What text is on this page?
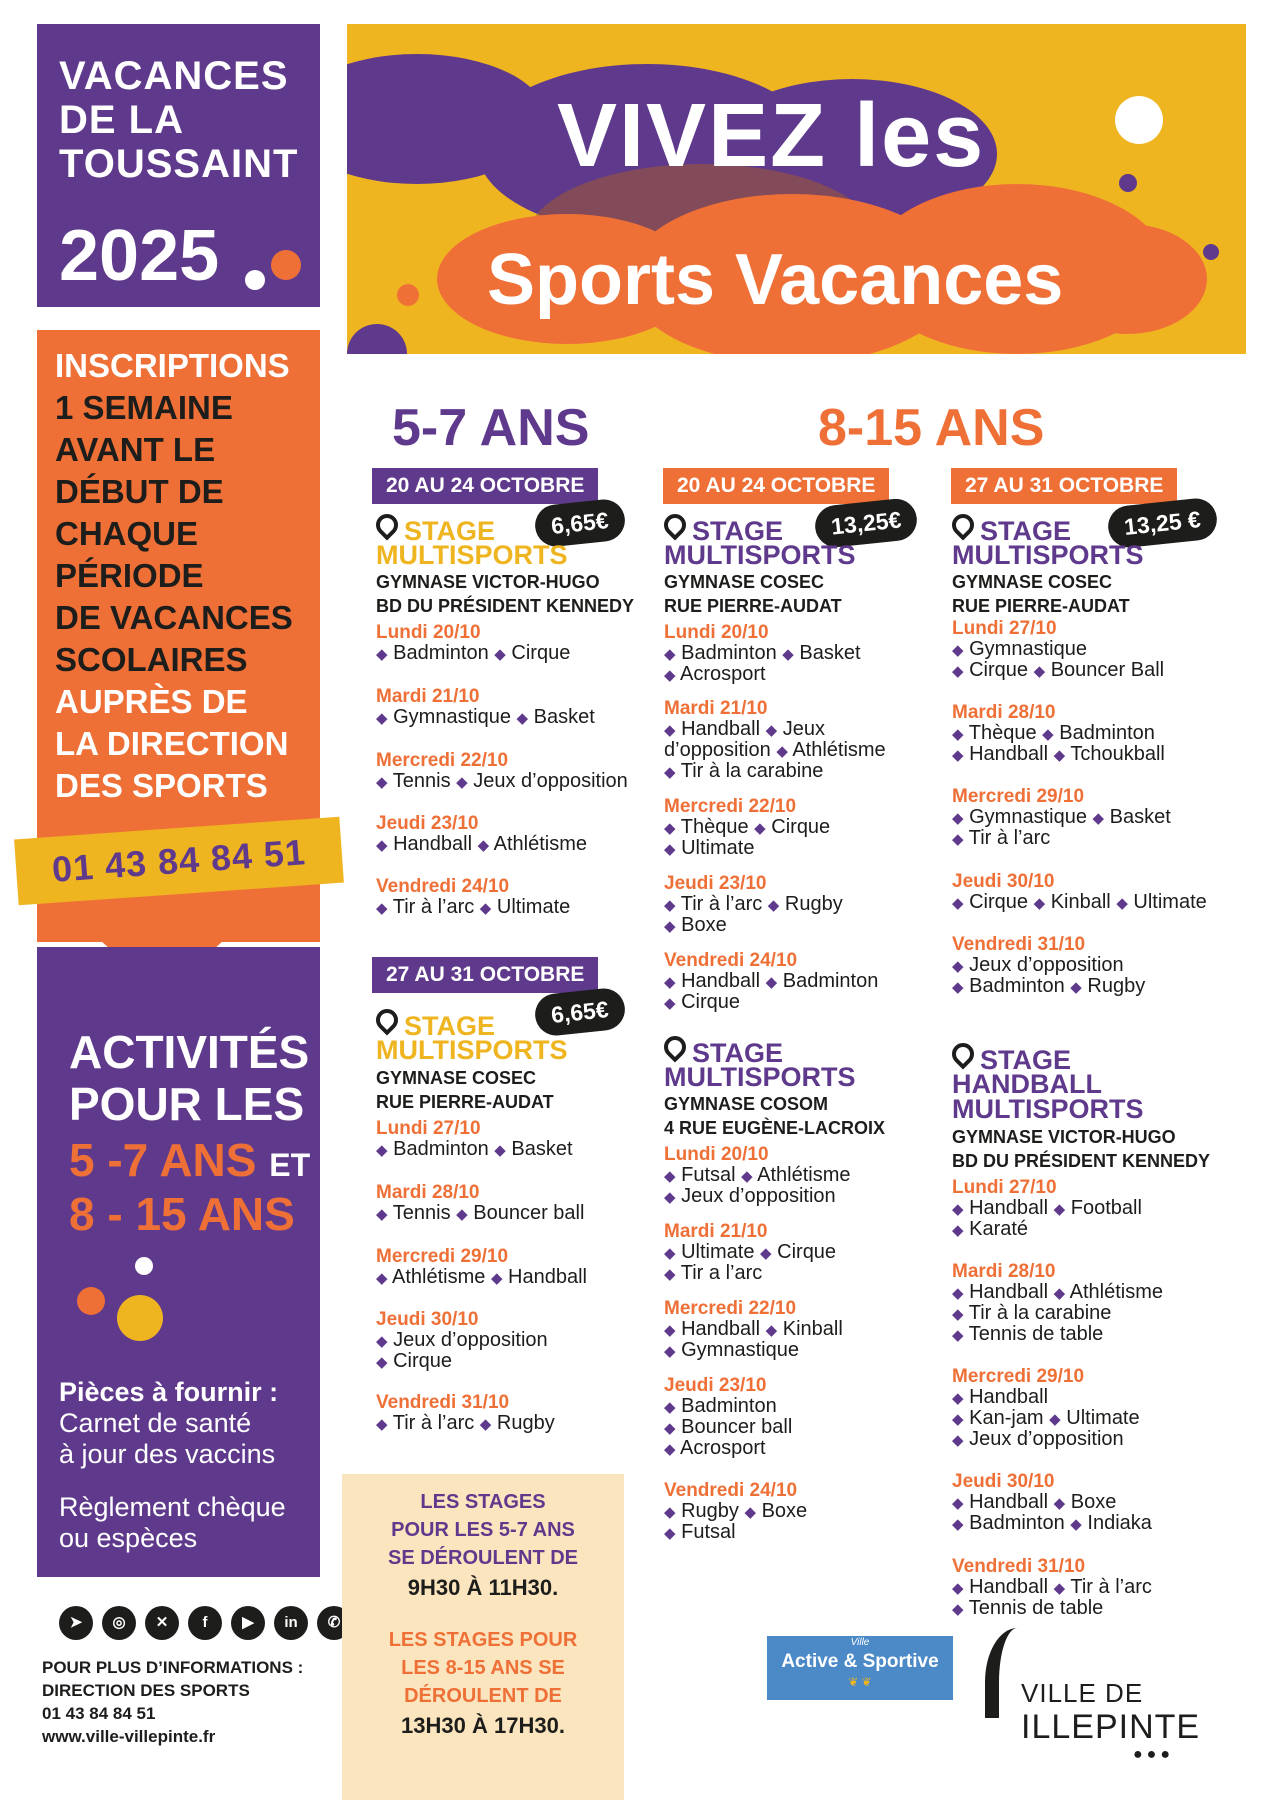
VACANCES
DE LA
TOUSSAINT
2025
INSCRIPTIONS
1 SEMAINE
AVANT LE
DÉBUT DE
CHAQUE
PÉRIODE
DE VACANCES
SCOLAIRES
AUPRÈS DE
LA DIRECTION
DES SPORTS
01 43 84 84 51
ACTIVITÉS
POUR LES
5 -7 ANS ET
8 - 15 ANS
Pièces à fournir :
Carnet de santé
à jour des vaccins
Règlement chèque
ou espèces
➤	◎	✕	f	▶	in	✆
POUR PLUS D’INFORMATIONS :
DIRECTION DES SPORTS
01 43 84 84 51
www.ville-villepinte.fr
VIVEZ les
Sports Vacances
5-7 ANS	8-15 ANS
20 AU 24 OCTOBRE
6,65€
STAGE
MULTISPORTS
GYMNASE VICTOR-HUGO
BD DU PRÉSIDENT KENNEDY
Lundi 20/10
◆ Badminton ◆ Cirque
Mardi 21/10
◆ Gymnastique ◆ Basket
Mercredi 22/10
◆ Tennis ◆ Jeux d’opposition
Jeudi 23/10
◆ Handball ◆ Athlétisme
Vendredi 24/10
◆ Tir à l’arc ◆ Ultimate
27 AU 31 OCTOBRE
6,65€
STAGE
MULTISPORTS
GYMNASE COSEC
RUE PIERRE-AUDAT
Lundi 27/10
◆ Badminton ◆ Basket
Mardi 28/10
◆ Tennis ◆ Bouncer ball
Mercredi 29/10
◆ Athlétisme ◆ Handball
Jeudi 30/10
◆ Jeux d’opposition
◆ Cirque
Vendredi 31/10
◆ Tir à l’arc ◆ Rugby
LES STAGES
POUR LES 5-7 ANS
SE DÉROULENT DE
9H30 À 11H30.
LES STAGES POUR
LES 8-15 ANS SE
DÉROULENT DE
13H30 À 17H30.
20 AU 24 OCTOBRE
13,25€
STAGE
MULTISPORTS
GYMNASE COSEC
RUE PIERRE-AUDAT
Lundi 20/10
◆ Badminton ◆ Basket
◆ Acrosport
Mardi 21/10
◆ Handball ◆ Jeux
d’opposition ◆ Athlétisme
◆ Tir à la carabine
Mercredi 22/10
◆ Thèque ◆ Cirque
◆ Ultimate
Jeudi 23/10
◆ Tir à l’arc ◆ Rugby
◆ Boxe
Vendredi 24/10
◆ Handball ◆ Badminton
◆ Cirque
STAGE
MULTISPORTS
GYMNASE COSOM
4 RUE EUGÈNE-LACROIX
Lundi 20/10
◆ Futsal ◆ Athlétisme
◆ Jeux d’opposition
Mardi 21/10
◆ Ultimate ◆ Cirque
◆ Tir a l’arc
Mercredi 22/10
◆ Handball ◆ Kinball
◆ Gymnastique
Jeudi 23/10
◆ Badminton
◆ Bouncer ball
◆ Acrosport
Vendredi 24/10
◆ Rugby ◆ Boxe
◆ Futsal
27 AU 31 OCTOBRE
13,25 €
STAGE
MULTISPORTS
GYMNASE COSEC
RUE PIERRE-AUDAT
Lundi 27/10
◆ Gymnastique
◆ Cirque ◆ Bouncer Ball
Mardi 28/10
◆ Thèque ◆ Badminton
◆ Handball ◆ Tchoukball
Mercredi 29/10
◆ Gymnastique ◆ Basket
◆ Tir à l’arc
Jeudi 30/10
◆ Cirque ◆ Kinball ◆ Ultimate
Vendredi 31/10
◆ Jeux d’opposition
◆ Badminton ◆ Rugby
STAGE
HANDBALL
MULTISPORTS
GYMNASE VICTOR-HUGO
BD DU PRÉSIDENT KENNEDY
Lundi 27/10
◆ Handball ◆ Football
◆ Karaté
Mardi 28/10
◆ Handball ◆ Athlétisme
◆ Tir à la carabine
◆ Tennis de table
Mercredi 29/10
◆ Handball
◆ Kan-jam ◆ Ultimate
◆ Jeux d’opposition
Jeudi 30/10
◆ Handball ◆ Boxe
◆ Badminton ◆ Indiaka
Vendredi 31/10
◆ Handball ◆ Tir à l’arc
◆ Tennis de table
Ville
Active & Sportive
❦ ❦	VILLE DE
ILLEPINTE
●●●
